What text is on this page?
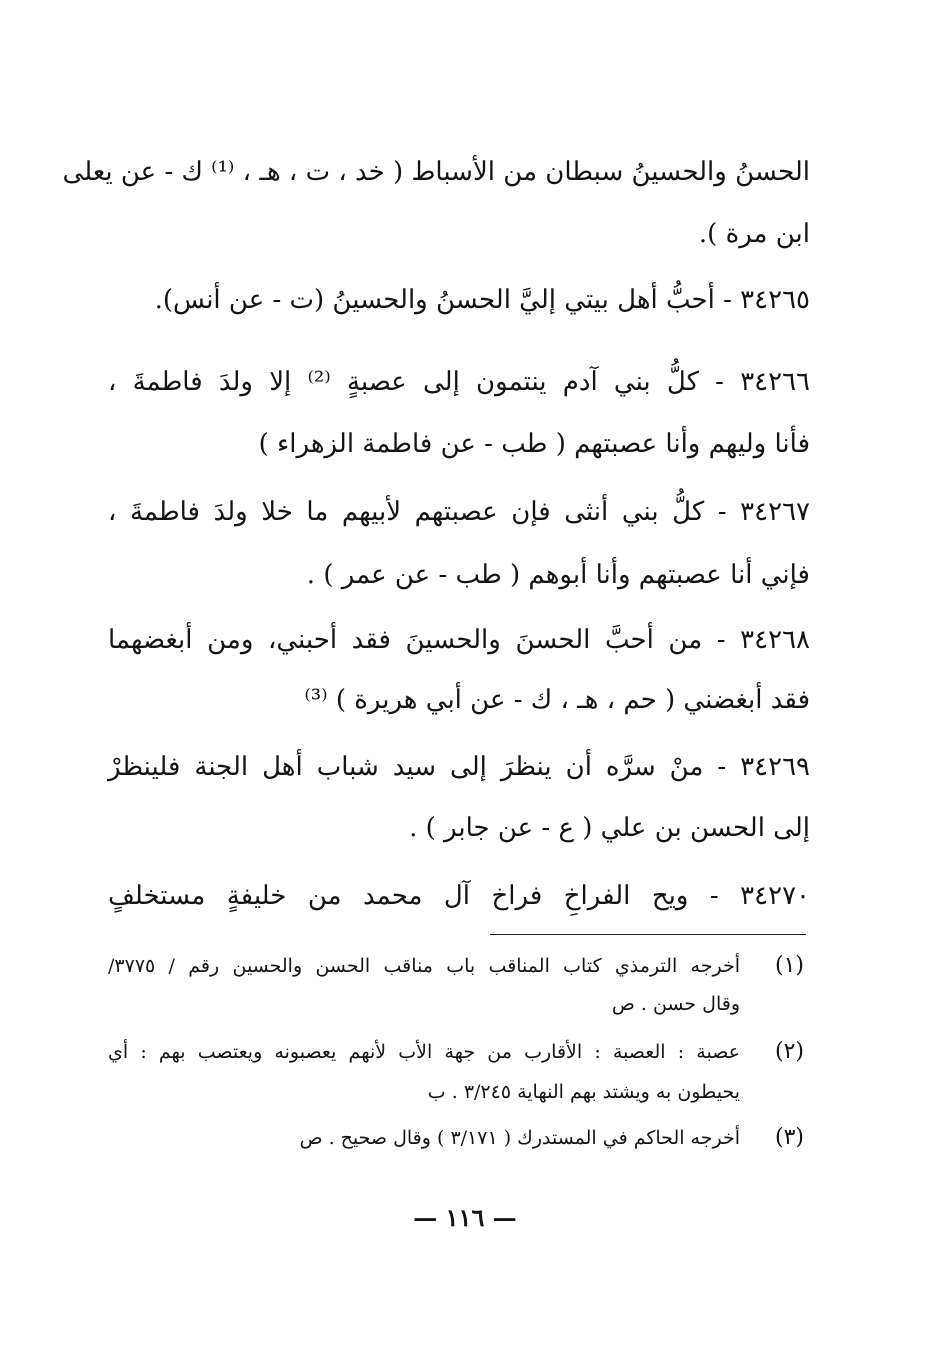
الحسنُ والحسينُ سبطان من الأسباط ( خد ، ت ، هـ ، ⁽¹⁾ ك - عن يعلى
ابن مرة ).
٣٤٢٦٥ - أحبُّ أهل بيتي إليَّ الحسنُ والحسينُ (ت - عن أنس).
٣٤٢٦٦ - كلُّ بني آدم ينتمون إلى عصبةٍ ⁽²⁾ إلا ولدَ فاطمةَ ،
فأنا وليهم وأنا عصبتهم ( طب - عن فاطمة الزهراء )
٣٤٢٦٧ - كلُّ بني أنثى فإن عصبتهم لأبيهم ما خلا ولدَ فاطمةَ ،
فإني أنا عصبتهم وأنا أبوهم ( طب - عن عمر ) .
٣٤٢٦٨ - من أحبَّ الحسنَ والحسينَ فقد أحبني، ومن أبغضهما
فقد أبغضني ( حم ، هـ ، ك - عن أبي هريرة ) ⁽³⁾
٣٤٢٦٩ - منْ سرَّه أن ينظرَ إلى سيد شباب أهل الجنة فلينظرْ
إلى الحسن بن علي ( ع - عن جابر ) .
٣٤٢٧٠ - ويح الفراخِ فراخ آل محمد من خليفةٍ مستخلفٍ
(١)
أخرجه الترمذي كتاب المناقب باب مناقب الحسن والحسين رقم / ٣٧٧٥/
وقال حسن . ص
(٢)
عصبة : العصبة : الأقارب من جهة الأب لأنهم يعصبونه ويعتصب بهم : أي
يحيطون به ويشتد بهم النهاية ٣/٢٤٥ . ب
(٣)
أخرجه الحاكم في المستدرك ( ٣/١٧١ ) وقال صحيح . ص
— ١١٦ —
